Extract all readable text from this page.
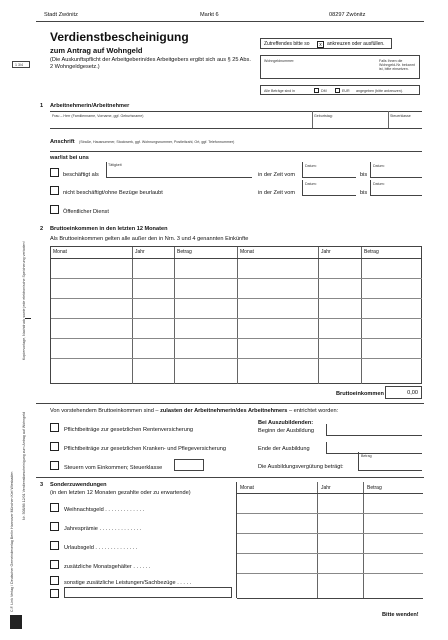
Stadt Zwönitz	Markt 6	08297 Zwönitz
1 3/4
Verdienstbescheinigung
zum Antrag auf Wohngeld
(Die Auskunftspflicht der Arbeitgeberin/des Arbeitgebers ergibt sich aus § 25 Abs. 2 Wohngeldgesetz.)
Zutreffendes bitte so	x	ankreuzen oder ausfüllen.
Wohngeldnummer:	Falls Ihnen die Wohngeld-Nr. bekannt ist, bitte einsetzen.
Alle Beträge sind in	DM	EUR angegeben (bitte ankreuzen).
1 Arbeitnehmerin/Arbeitnehmer
Frau – Herr (Familienname, Vorname, ggf. Geburtsname)	Geburtstag:	Steuerklasse
Anschrift (Straße, Hausnummer, Stockwerk, ggf. Wohnungsnummer, Postleitzahl, Ort, ggf. Telefonnummer)
war/ist bei uns
Tätigkeit
beschäftigt als	in der Zeit vom
Datum:
bis
Datum:
nicht beschäftigt/ohne Bezüge beurlaubt	in der Zeit vom
Datum:
bis
Datum:
Öffentlicher Dienst
2 Bruttoeinkommen in den letzten 12 Monaten
Als Bruttoeinkommen gelten alle außer den in Nrn. 3 und 4 genannten Einkünfte
Monat	Jahr	Betrag	Monat	Jahr	Betrag
Bruttoeinkommen	0,00
Von vorstehendem Bruttoeinkommen sind – zulasten der Arbeitnehmerin/des Arbeitnehmers – entrichtet worden:
Pflichtbeiträge zur gesetzlichen Rentenversicherung
Pflichtbeiträge zur gesetzlichen Kranken- und Pflegeversicherung
Steuern vom Einkommen; Steuerklasse
Bei Auszubildenden:
Beginn der Ausbildung
Ende der Ausbildung
Die Ausbildungsvergütung beträgt:
Betrag
3 Sonderzuwendungen
(in den letzten 12 Monaten gezahlte oder zu erwartende)
Monat	Jahr	Betrag
Weihnachtsgeld . . . . . . . . . . . . .
Jahresprämie . . . . . . . . . . . . . .
Urlaubsgeld . . . . . . . . . . . . . .
zusätzliche Monatsgehälter . . . . . .
sonstige zusätzliche Leistungen/Sachbezüge . . . . .
Bitte wenden!
Kopiervorlage, Nachdruck sowie jede elektronische Speicherung verboten!
Nr. 508/86 12/01 Verdienstbescheinigung zum Antrag auf Wohngeld
C.F. Link Verlag / Deutscher Gemeindeverlag Berlin Hannover München Kiel Wiesbaden
